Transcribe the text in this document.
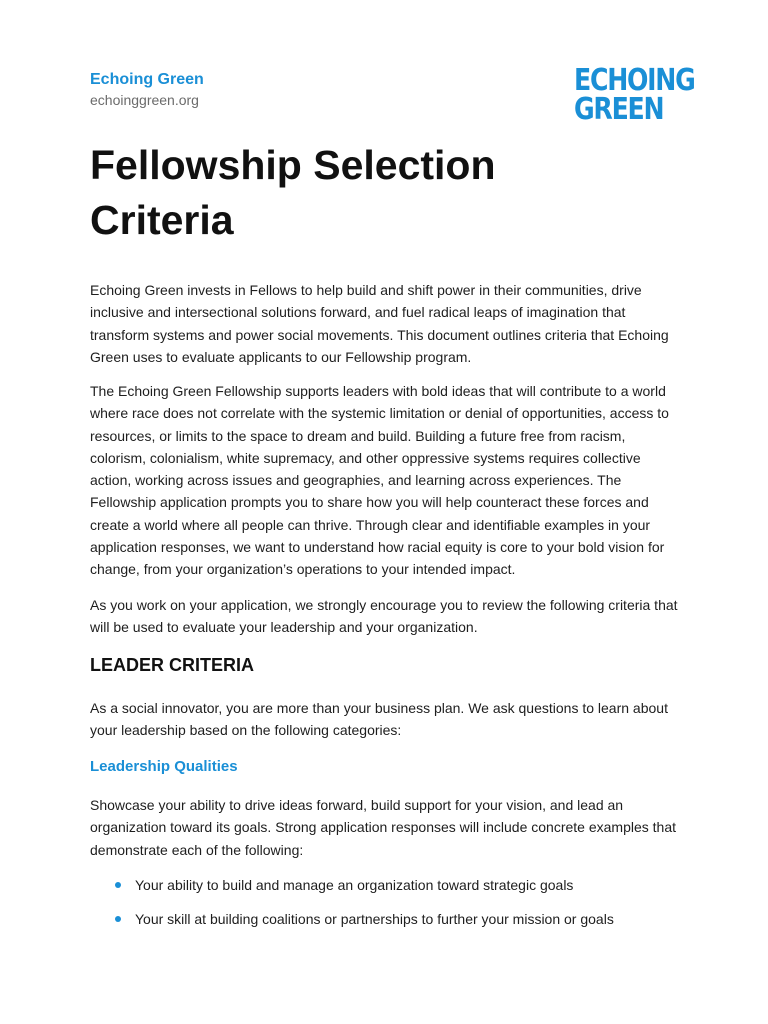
Echoing Green

echoinggreen.org

ECHOING
GREEN
Fellowship Selection Criteria

Echoing Green invests in Fellows to help build and shift power in their communities, drive inclusive and intersectional solutions forward, and fuel radical leaps of imagination that transform systems and power social movements. This document outlines criteria that Echoing Green uses to evaluate applicants to our Fellowship program.

The Echoing Green Fellowship supports leaders with bold ideas that will contribute to a world where race does not correlate with the systemic limitation or denial of opportunities, access to resources, or limits to the space to dream and build. Building a future free from racism, colorism, colonialism, white supremacy, and other oppressive systems requires collective action, working across issues and geographies, and learning across experiences. The Fellowship application prompts you to share how you will help counteract these forces and create a world where all people can thrive. Through clear and identifiable examples in your application responses, we want to understand how racial equity is core to your bold vision for change, from your organization’s operations to your intended impact.

As you work on your application, we strongly encourage you to review the following criteria that will be used to evaluate your leadership and your organization.

LEADER CRITERIA

As a social innovator, you are more than your business plan. We ask questions to learn about your leadership based on the following categories:

Leadership Qualities

Showcase your ability to drive ideas forward, build support for your vision, and lead an organization toward its goals. Strong application responses will include concrete examples that demonstrate each of the following:

Your ability to build and manage an organization toward strategic goals
Your skill at building coalitions or partnerships to further your mission or goals
